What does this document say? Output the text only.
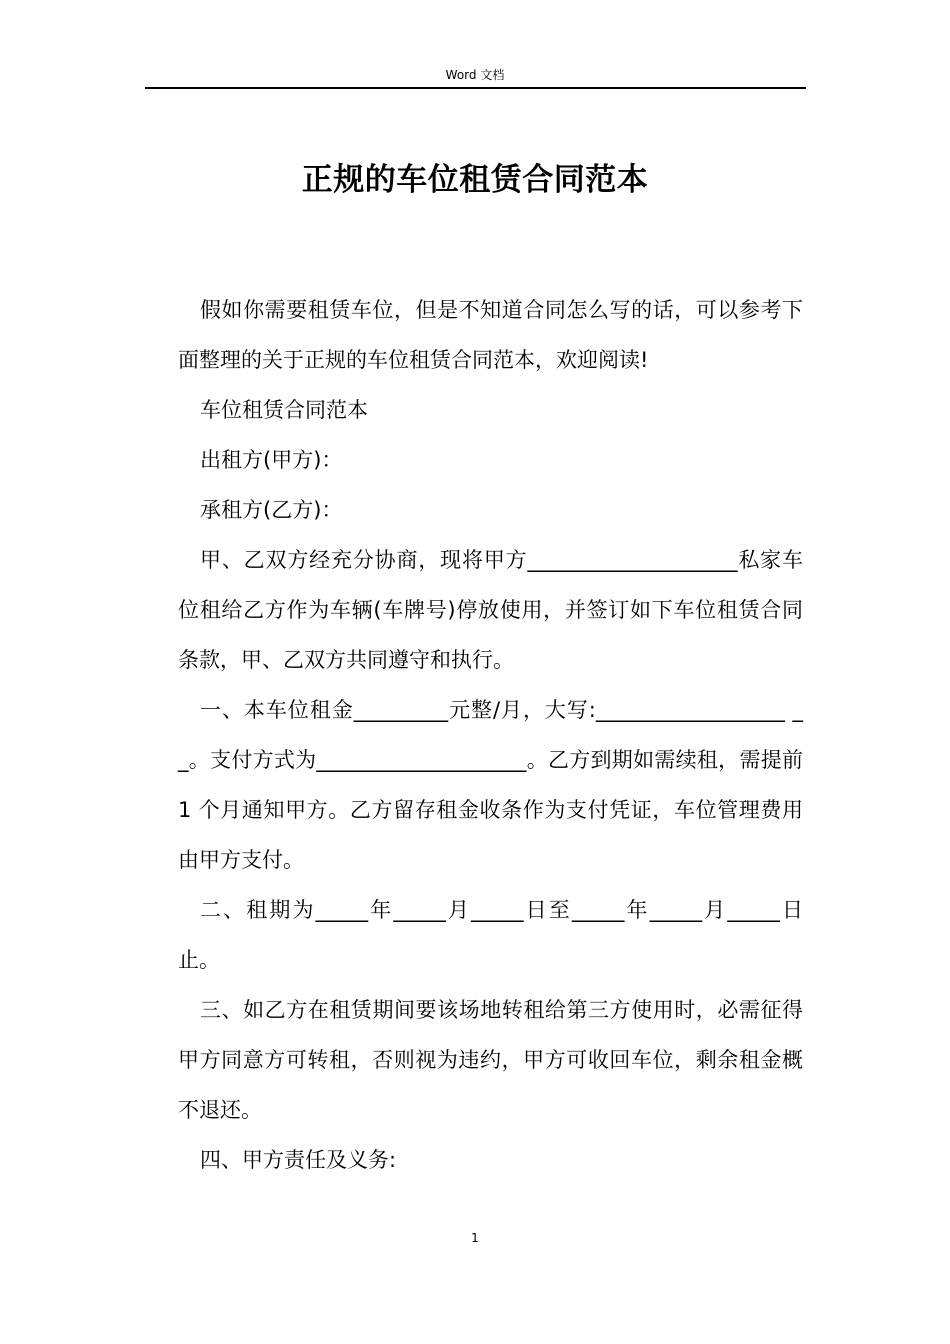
Word 文档
正规的车位租赁合同范本

假如你需要租赁车位，但是不知道合同怎么写的话，可以参考下面整理的关于正规的车位租赁合同范本，欢迎阅读!

车位租赁合同范本

出租方(甲方)：

承租方(乙方)：

甲、乙双方经充分协商，现将甲方____________________私家车位租给乙方作为车辆(车牌号)停放使用，并签订如下车位租赁合同条款，甲、乙双方共同遵守和执行。

一、本车位租金_________元整/月，大写:__________________ __。支付方式为____________________。乙方到期如需续租，需提前 1 个月通知甲方。乙方留存租金收条作为支付凭证，车位管理费用由甲方支付。

二、租期为_____年_____月_____日至_____年_____月_____日止。

三、如乙方在租赁期间要该场地转租给第三方使用时，必需征得甲方同意方可转租，否则视为违约，甲方可收回车位，剩余租金概不退还。

四、甲方责任及义务:

1
